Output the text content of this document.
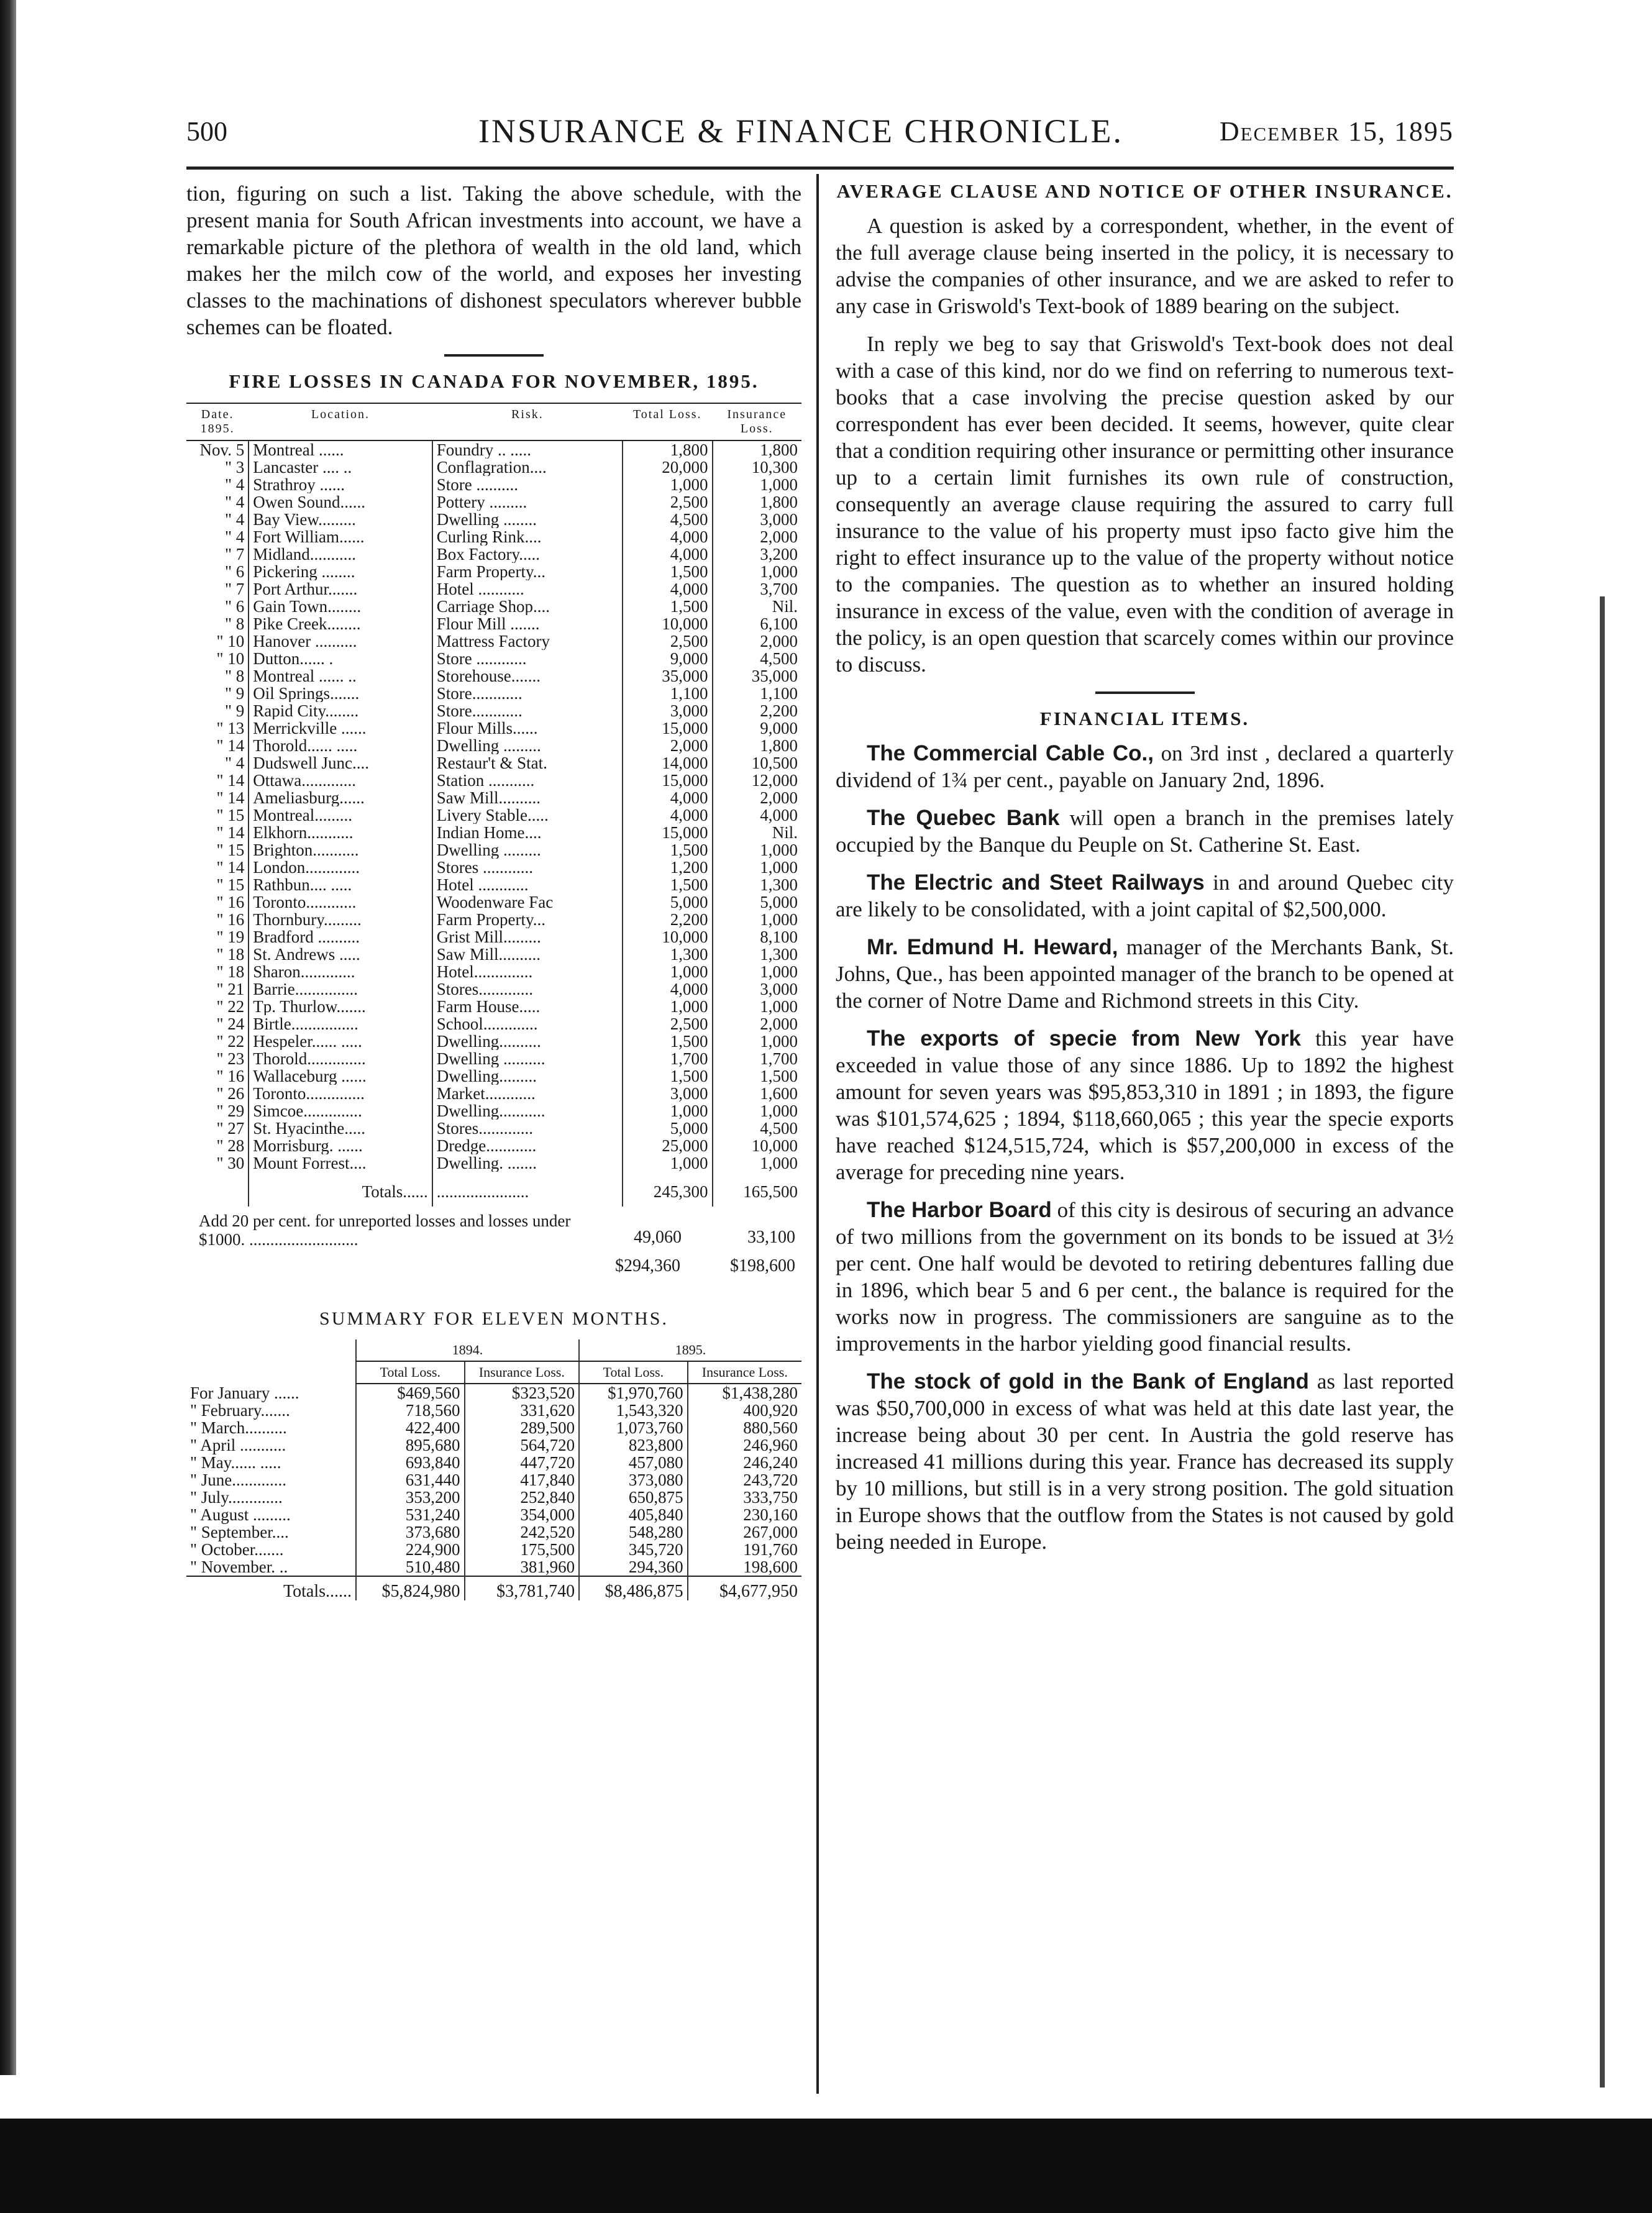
500	INSURANCE & FINANCE CHRONICLE.	December 15, 1895

tion, figuring on such a list. Taking the above schedule, with the present mania for South African investments into account, we have a remarkable picture of the plethora of wealth in the old land, which makes her the milch cow of the world, and exposes her investing classes to the machinations of dishonest speculators wherever bubble schemes can be floated.

FIRE LOSSES IN CANADA FOR NOVEMBER, 1895.
Date. 1895.	Location.	Risk.	Total Loss.	Insurance Loss.
Nov. 5	Montreal ......	Foundry .. .....	1,800	1,800
" 3	Lancaster .... ..	Conflagration....	20,000	10,300
" 4	Strathroy ......	Store ..........	1,000	1,000
" 4	Owen Sound......	Pottery .........	2,500	1,800
" 4	Bay View.........	Dwelling ........	4,500	3,000
" 4	Fort William......	Curling Rink....	4,000	2,000
" 7	Midland...........	Box Factory.....	4,000	3,200
" 6	Pickering ........	Farm Property...	1,500	1,000
" 7	Port Arthur.......	Hotel ...........	4,000	3,700
" 6	Gain Town........	Carriage Shop....	1,500	Nil.
" 8	Pike Creek........	Flour Mill .......	10,000	6,100
" 10	Hanover ..........	Mattress Factory	2,500	2,000
" 10	Dutton...... .	Store ............	9,000	4,500
" 8	Montreal ...... ..	Storehouse.......	35,000	35,000
" 9	Oil Springs.......	Store............	1,100	1,100
" 9	Rapid City........	Store............	3,000	2,200
" 13	Merrickville ......	Flour Mills......	15,000	9,000
" 14	Thorold...... .....	Dwelling .........	2,000	1,800
" 4	Dudswell Junc....	Restaur't & Stat.	14,000	10,500
" 14	Ottawa.............	Station ...........	15,000	12,000
" 14	Ameliasburg......	Saw Mill..........	4,000	2,000
" 15	Montreal.........	Livery Stable.....	4,000	4,000
" 14	Elkhorn...........	Indian Home....	15,000	Nil.
" 15	Brighton...........	Dwelling .........	1,500	1,000
" 14	London.............	Stores ............	1,200	1,000
" 15	Rathbun.... .....	Hotel ............	1,500	1,300
" 16	Toronto............	Woodenware Fac	5,000	5,000
" 16	Thornbury.........	Farm Property...	2,200	1,000
" 19	Bradford ..........	Grist Mill.........	10,000	8,100
" 18	St. Andrews .....	Saw Mill..........	1,300	1,300
" 18	Sharon.............	Hotel..............	1,000	1,000
" 21	Barrie...............	Stores.............	4,000	3,000
" 22	Tp. Thurlow.......	Farm House.....	1,000	1,000
" 24	Birtle................	School.............	2,500	2,000
" 22	Hespeler...... .....	Dwelling..........	1,500	1,000
" 23	Thorold..............	Dwelling ..........	1,700	1,700
" 16	Wallaceburg ......	Dwelling.........	1,500	1,500
" 26	Toronto..............	Market............	3,000	1,600
" 29	Simcoe..............	Dwelling...........	1,000	1,000
" 27	St. Hyacinthe.....	Stores.............	5,000	4,500
" 28	Morrisburg. ......	Dredge............	25,000	10,000
" 30	Mount Forrest....	Dwelling. .......	1,000	1,000
	Totals......	......................	245,300	165,500
Add 20 per cent. for unreported losses and losses under $1000. ..........................	49,060	33,100
$294,360	$198,600
SUMMARY FOR ELEVEN MONTHS.
	1894.		1895.	
	Total Loss.	Insurance Loss.	Total Loss.	Insurance Loss.
For January ......	$469,560	$323,520	$1,970,760	$1,438,280
" February.......	718,560	331,620	1,543,320	400,920
" March..........	422,400	289,500	1,073,760	880,560
" April ...........	895,680	564,720	823,800	246,960
" May...... .....	693,840	447,720	457,080	246,240
" June.............	631,440	417,840	373,080	243,720
" July.............	353,200	252,840	650,875	333,750
" August .........	531,240	354,000	405,840	230,160
" September....	373,680	242,520	548,280	267,000
" October.......	224,900	175,500	345,720	191,760
" November. ..	510,480	381,960	294,360	198,600
Totals......	$5,824,980	$3,781,740	$8,486,875	$4,677,950
AVERAGE CLAUSE AND NOTICE OF OTHER INSURANCE.

A question is asked by a correspondent, whether, in the event of the full average clause being inserted in the policy, it is necessary to advise the companies of other insurance, and we are asked to refer to any case in Griswold's Text-book of 1889 bearing on the subject.

In reply we beg to say that Griswold's Text-book does not deal with a case of this kind, nor do we find on referring to numerous text-books that a case involving the precise question asked by our correspondent has ever been decided. It seems, however, quite clear that a condition requiring other insurance or permitting other insurance up to a certain limit furnishes its own rule of construction, consequently an average clause requiring the assured to carry full insurance to the value of his property must ipso facto give him the right to effect insurance up to the value of the property without notice to the companies. The question as to whether an insured holding insurance in excess of the value, even with the condition of average in the policy, is an open question that scarcely comes within our province to discuss.

FINANCIAL ITEMS.

The Commercial Cable Co., on 3rd inst , declared a quarterly dividend of 1¾ per cent., payable on January 2nd, 1896.

The Quebec Bank will open a branch in the premises lately occupied by the Banque du Peuple on St. Catherine St. East.

The Electric and Steet Railways in and around Quebec city are likely to be consolidated, with a joint capital of $2,500,000.

Mr. Edmund H. Heward, manager of the Merchants Bank, St. Johns, Que., has been appointed manager of the branch to be opened at the corner of Notre Dame and Richmond streets in this City.

The exports of specie from New York this year have exceeded in value those of any since 1886. Up to 1892 the highest amount for seven years was $95,853,310 in 1891 ; in 1893, the figure was $101,574,625 ; 1894, $118,660,065 ; this year the specie exports have reached $124,515,724, which is $57,200,000 in excess of the average for preceding nine years.

The Harbor Board of this city is desirous of securing an advance of two millions from the government on its bonds to be issued at 3½ per cent. One half would be devoted to retiring debentures falling due in 1896, which bear 5 and 6 per cent., the balance is required for the works now in progress. The commissioners are sanguine as to the improvements in the harbor yielding good financial results.

The stock of gold in the Bank of England as last reported was $50,700,000 in excess of what was held at this date last year, the increase being about 30 per cent. In Austria the gold reserve has increased 41 millions during this year. France has decreased its supply by 10 millions, but still is in a very strong position. The gold situation in Europe shows that the outflow from the States is not caused by gold being needed in Europe.
